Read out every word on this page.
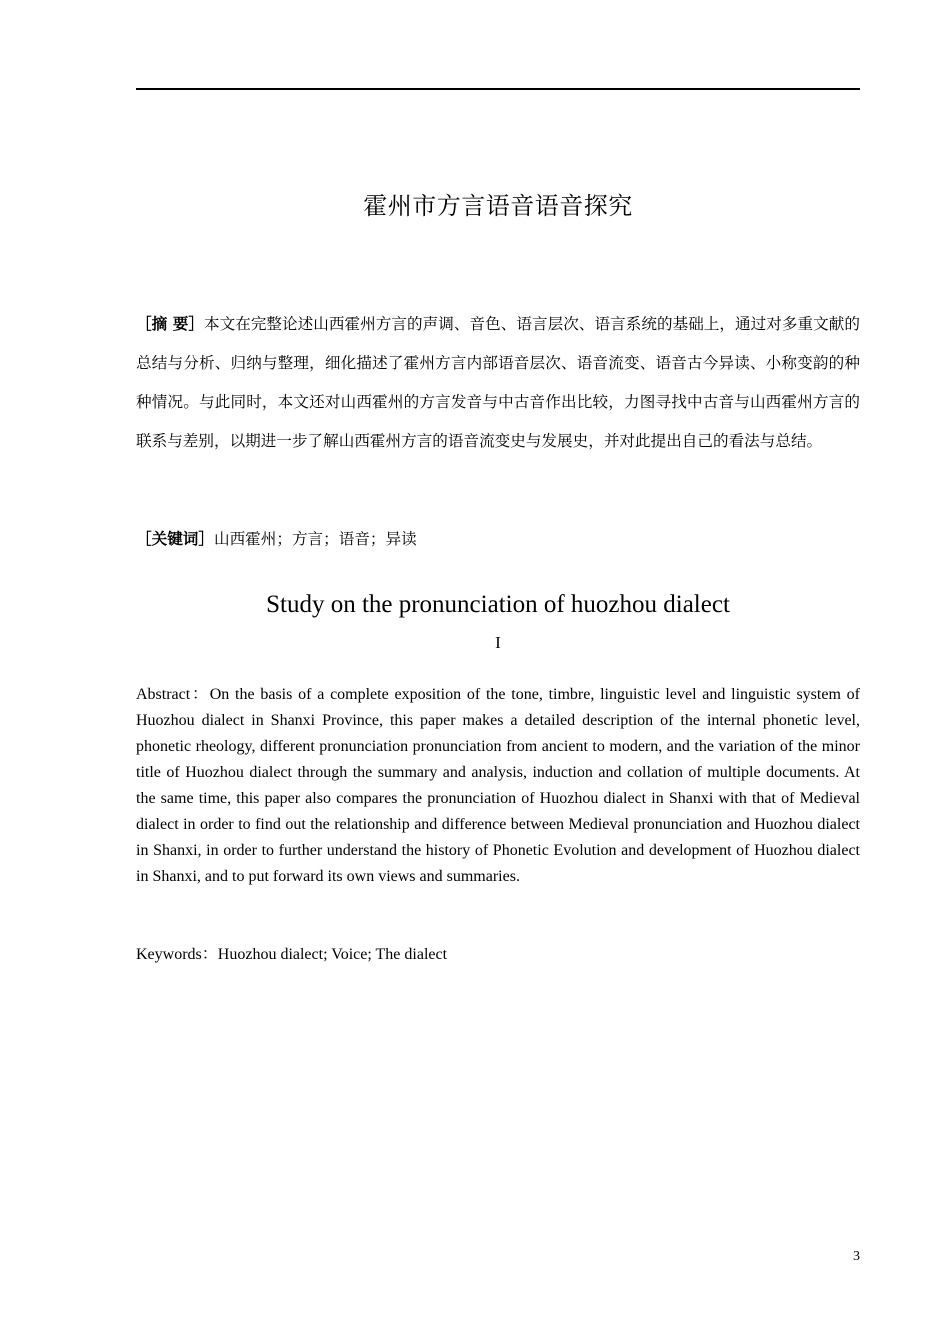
霍州市方言语音语音探究
［摘 要］本文在完整论述山西霍州方言的声调、音色、语言层次、语言系统的基础上，通过对多重文献的总结与分析、归纳与整理，细化描述了霍州方言内部语音层次、语音流变、语音古今异读、小称变韵的种种情况。与此同时，本文还对山西霍州的方言发音与中古音作出比较，力图寻找中古音与山西霍州方言的联系与差别，以期进一步了解山西霍州方言的语音流变史与发展史，并对此提出自己的看法与总结。
［关键词］山西霍州；方言；语音；异读
Study on the pronunciation of huozhou dialect
I
Abstract：On the basis of a complete exposition of the tone, timbre, linguistic level and linguistic system of Huozhou dialect in Shanxi Province, this paper makes a detailed description of the internal phonetic level, phonetic rheology, different pronunciation pronunciation from ancient to modern, and the variation of the minor title of Huozhou dialect through the summary and analysis, induction and collation of multiple documents. At the same time, this paper also compares the pronunciation of Huozhou dialect in Shanxi with that of Medieval dialect in order to find out the relationship and difference between Medieval pronunciation and Huozhou dialect in Shanxi, in order to further understand the history of Phonetic Evolution and development of Huozhou dialect in Shanxi, and to put forward its own views and summaries.
Keywords：Huozhou dialect; Voice; The dialect
3
